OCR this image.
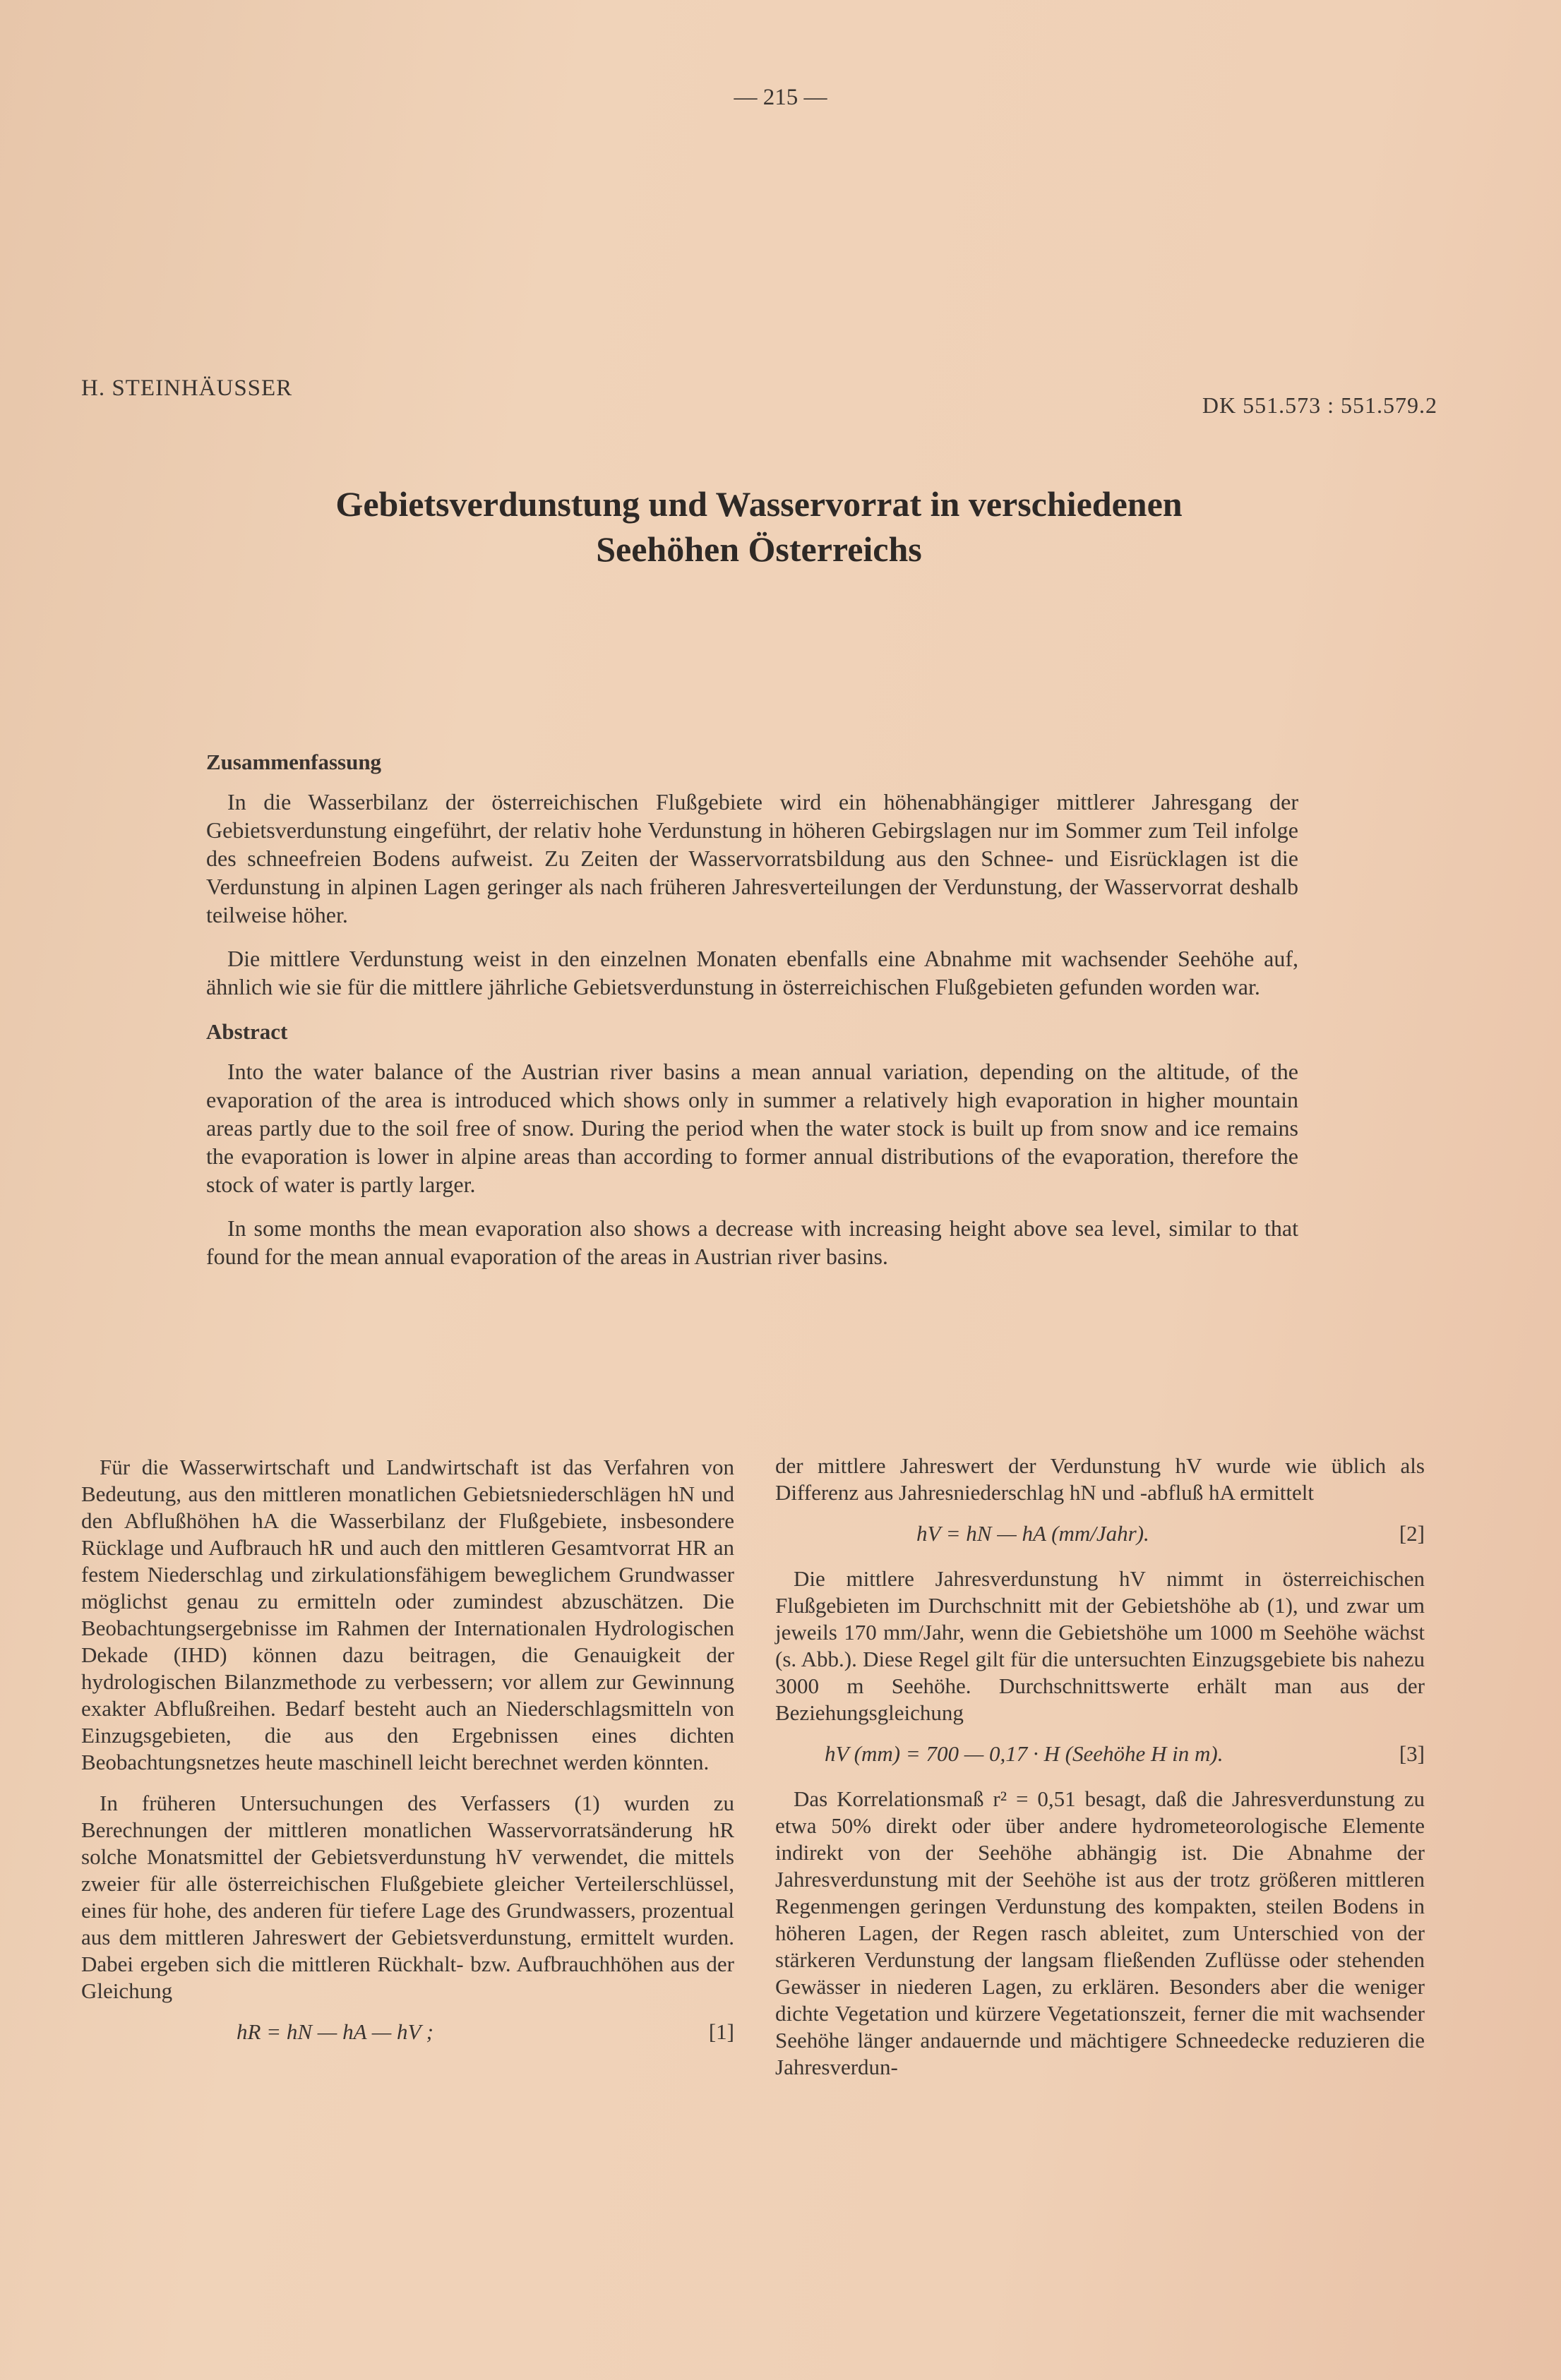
— 215 —
H. STEINHÄUSSER
DK 551.573 : 551.579.2
Gebietsverdunstung und Wasservorrat in verschiedenen
Seehöhen Österreichs
Zusammenfassung

In die Wasserbilanz der österreichischen Flußgebiete wird ein höhenabhängiger mittlerer Jahresgang der Gebietsverdunstung eingeführt, der relativ hohe Verdunstung in höheren Gebirgslagen nur im Sommer zum Teil infolge des schneefreien Bodens aufweist. Zu Zeiten der Wasservorratsbildung aus den Schnee- und Eisrücklagen ist die Verdunstung in alpinen Lagen geringer als nach früheren Jahresverteilungen der Verdunstung, der Wasservorrat deshalb teilweise höher.

Die mittlere Verdunstung weist in den einzelnen Monaten ebenfalls eine Abnahme mit wachsender Seehöhe auf, ähnlich wie sie für die mittlere jährliche Gebietsverdunstung in österreichischen Flußgebieten gefunden worden war.

Abstract

Into the water balance of the Austrian river basins a mean annual variation, depending on the altitude, of the evaporation of the area is introduced which shows only in summer a relatively high evaporation in higher mountain areas partly due to the soil free of snow. During the period when the water stock is built up from snow and ice remains the evaporation is lower in alpine areas than according to former annual distributions of the evaporation, therefore the stock of water is partly larger.

In some months the mean evaporation also shows a decrease with increasing height above sea level, similar to that found for the mean annual evaporation of the areas in Austrian river basins.

Für die Wasserwirtschaft und Landwirtschaft ist das Verfahren von Bedeutung, aus den mittleren monatlichen Gebietsniederschlägen hN und den Abflußhöhen hA die Wasserbilanz der Flußgebiete, insbesondere Rücklage und Aufbrauch hR und auch den mittleren Gesamtvorrat HR an festem Niederschlag und zirkulationsfähigem beweglichem Grundwasser möglichst genau zu ermitteln oder zumindest abzuschätzen. Die Beobachtungsergebnisse im Rahmen der Internationalen Hydrologischen Dekade (IHD) können dazu beitragen, die Genauigkeit der hydrologischen Bilanzmethode zu verbessern; vor allem zur Gewinnung exakter Abflußreihen. Bedarf besteht auch an Niederschlagsmitteln von Einzugsgebieten, die aus den Ergebnissen eines dichten Beobachtungsnetzes heute maschinell leicht berechnet werden könnten.

In früheren Untersuchungen des Verfassers (1) wurden zu Berechnungen der mittleren monatlichen Wasservorratsänderung hR solche Monatsmittel der Gebietsverdunstung hV verwendet, die mittels zweier für alle österreichischen Flußgebiete gleicher Verteilerschlüssel, eines für hohe, des anderen für tiefere Lage des Grundwassers, prozentual aus dem mittleren Jahreswert der Gebietsverdunstung, ermittelt wurden. Dabei ergeben sich die mittleren Rückhalt- bzw. Aufbrauchhöhen aus der Gleichung

hR = hN — hA — hV ;	[1]

der mittlere Jahreswert der Verdunstung hV wurde wie üblich als Differenz aus Jahresniederschlag hN und -abfluß hA ermittelt

hV = hN — hA (mm/Jahr).	[2]

Die mittlere Jahresverdunstung hV nimmt in österreichischen Flußgebieten im Durchschnitt mit der Gebietshöhe ab (1), und zwar um jeweils 170 mm/Jahr, wenn die Gebietshöhe um 1000 m Seehöhe wächst (s. Abb.). Diese Regel gilt für die untersuchten Einzugsgebiete bis nahezu 3000 m Seehöhe. Durchschnittswerte erhält man aus der Beziehungsgleichung

hV (mm) = 700 — 0,17 · H (Seehöhe H in m).	[3]

Das Korrelationsmaß r² = 0,51 besagt, daß die Jahresverdunstung zu etwa 50% direkt oder über andere hydrometeorologische Elemente indirekt von der Seehöhe abhängig ist. Die Abnahme der Jahresverdunstung mit der Seehöhe ist aus der trotz größeren mittleren Regenmengen geringen Verdunstung des kompakten, steilen Bodens in höheren Lagen, der Regen rasch ableitet, zum Unterschied von der stärkeren Verdunstung der langsam fließenden Zuflüsse oder stehenden Gewässer in niederen Lagen, zu erklären. Besonders aber die weniger dichte Vegetation und kürzere Vegetationszeit, ferner die mit wachsender Seehöhe länger andauernde und mächtigere Schneedecke reduzieren die Jahresverdun-
